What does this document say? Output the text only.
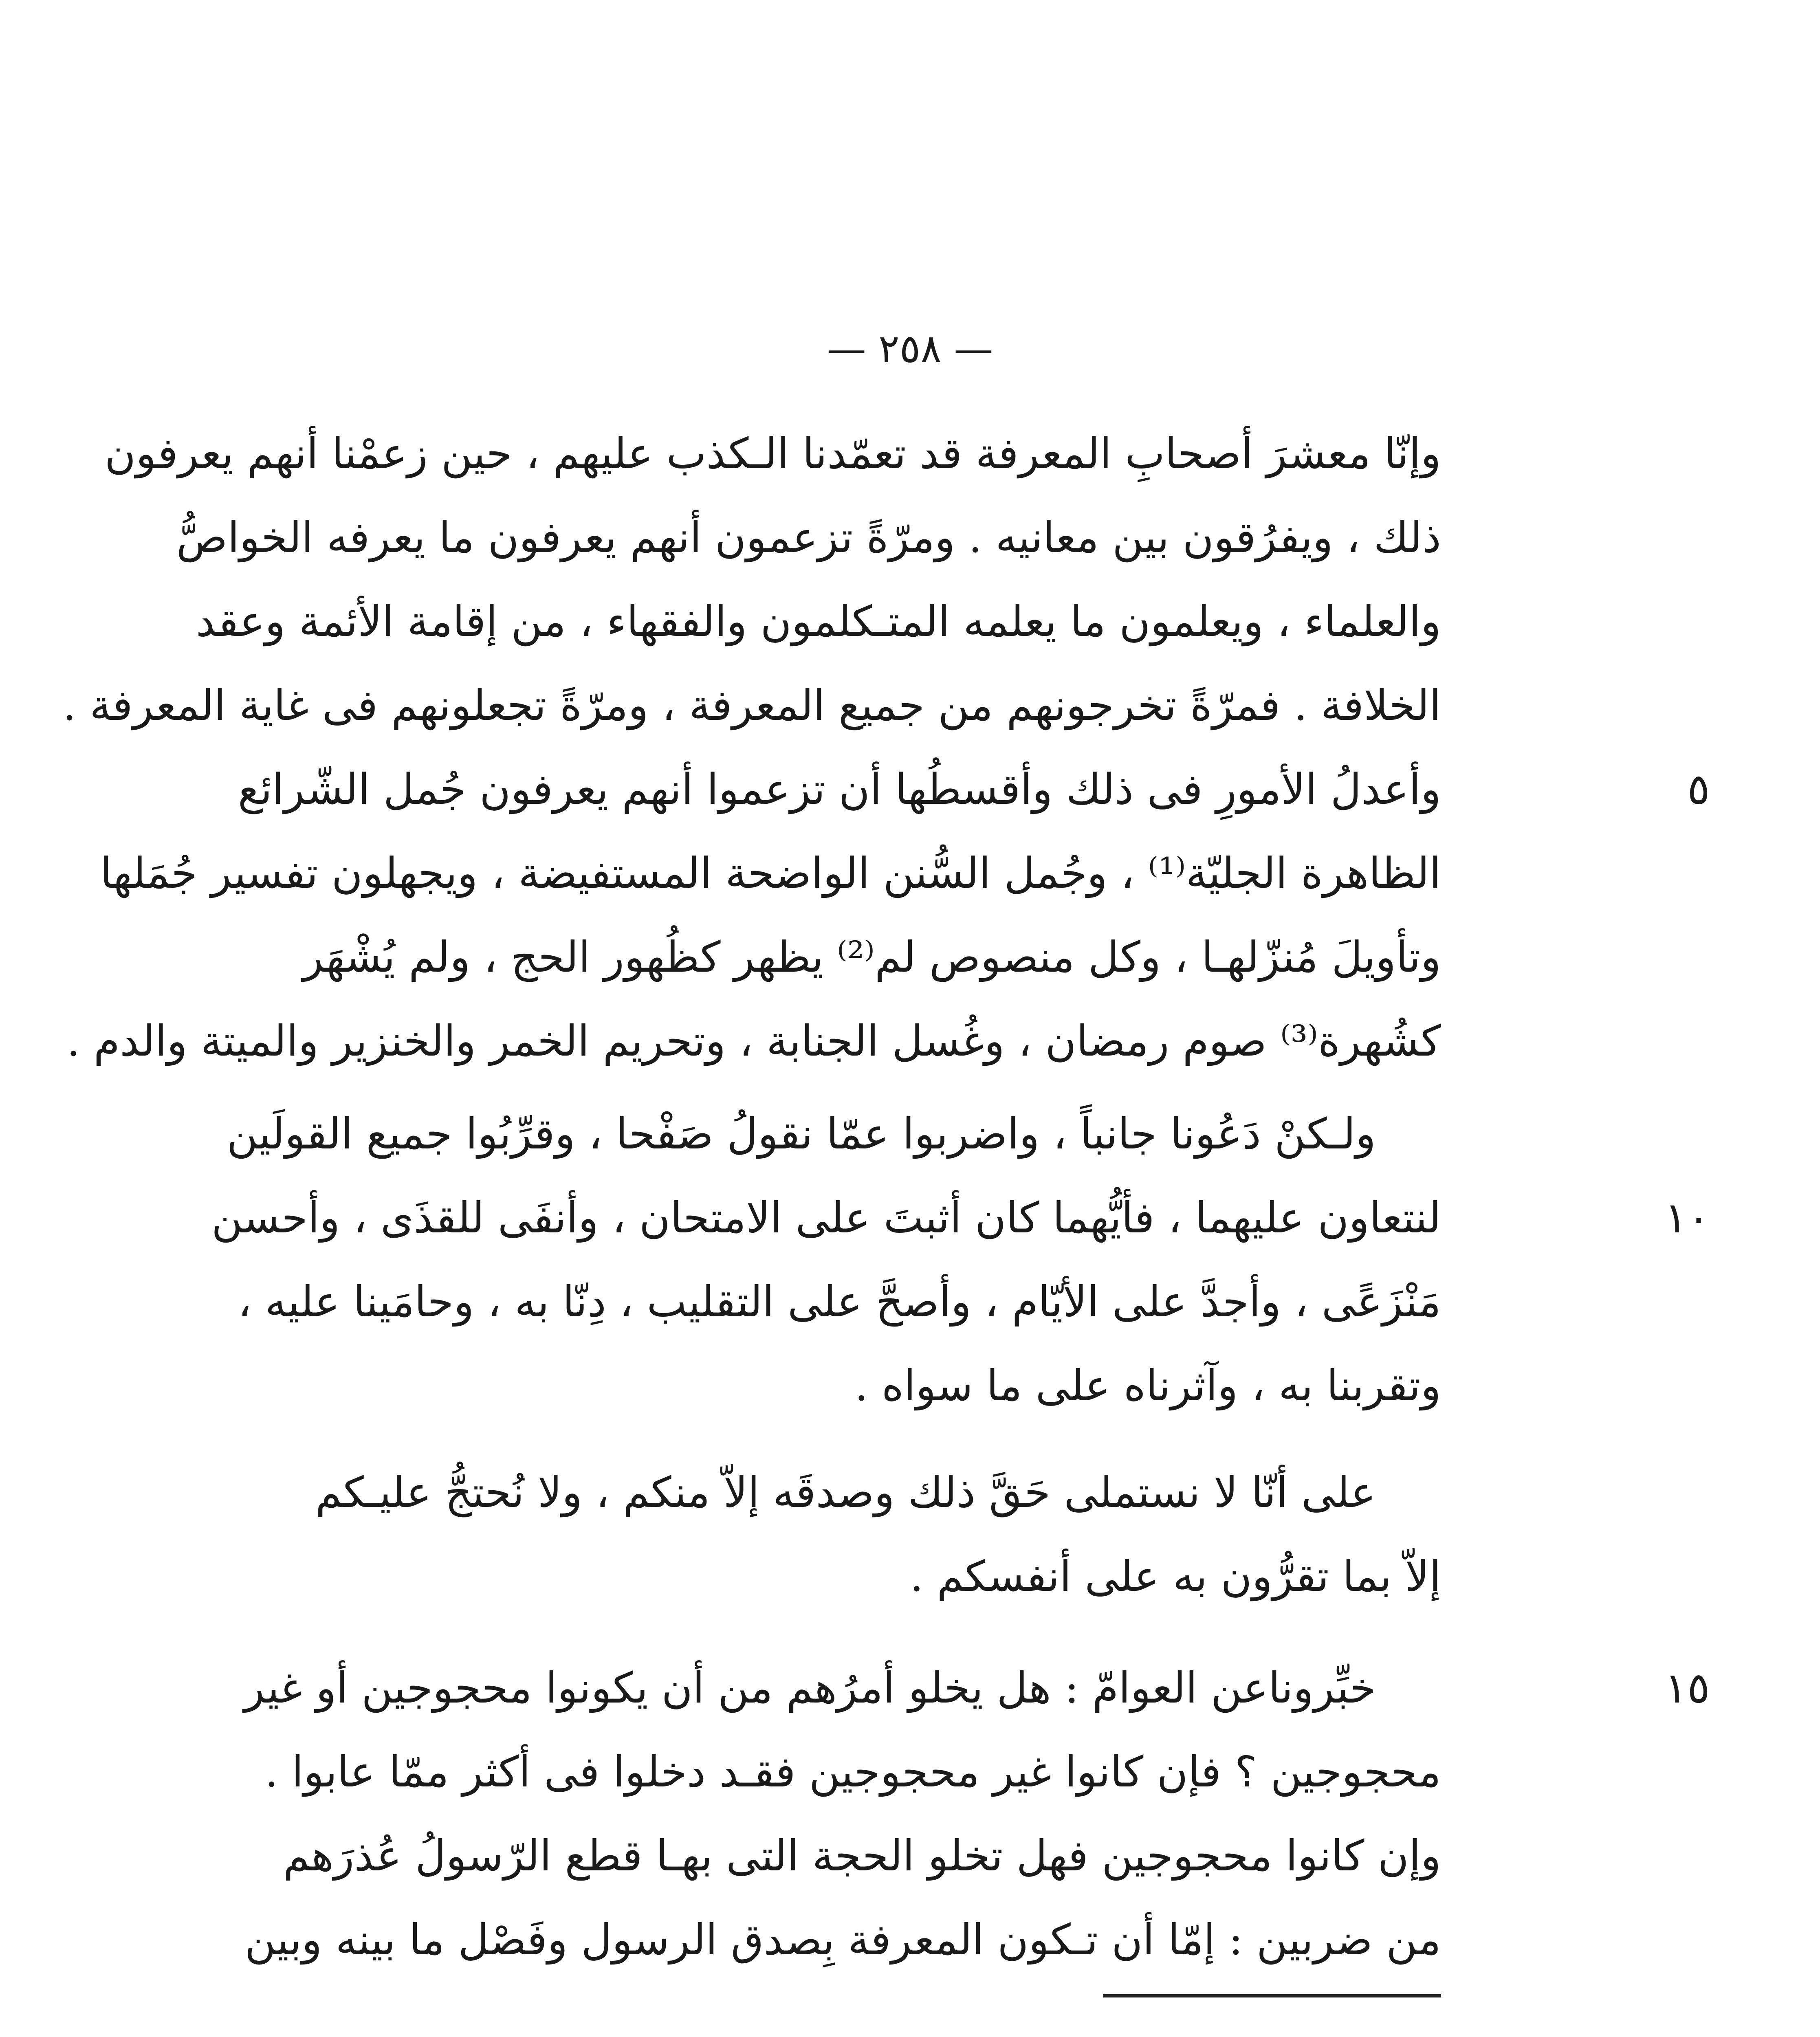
— ٢٥٨ —
وإنّا معشرَ أصحابِ المعرفة قد تعمّدنا الـكذب عليهم ، حين زعمْنا أنهم يعرفون
ذلك ، ويفرُقون بين معانيه . ومرّةً تزعمون أنهم يعرفون ما يعرفه الخواصُّ
والعلماء ، ويعلمون ما يعلمه المتـكلمون والفقهاء ، من إقامة الأئمة وعقد
الخلافة . فمرّةً تخرجونهم من جميع المعرفة ، ومرّةً تجعلونهم فى غاية المعرفة .
وأعدلُ الأمورِ فى ذلك وأقسطُها أن تزعموا أنهم يعرفون جُمل الشّرائع
الظاهرة الجليّة⁽¹⁾ ، وجُمل السُّنن الواضحة المستفيضة ، ويجهلون تفسير جُمَلها
وتأويلَ مُنزّلهـا ، وكل منصوص لم⁽²⁾ يظهر كظُهور الحج ، ولم يُشْهَر
كشُهرة⁽³⁾ صوم رمضان ، وغُسل الجنابة ، وتحريم الخمر والخنزير والميتة والدم .
ولـكنْ دَعُونا جانباً ، واضربوا عمّا نقولُ صَفْحا ، وقرِّبُوا جميع القولَين
لنتعاون عليهما ، فأيُّهما كان أثبتَ على الامتحان ، وأنفَى للقذَى ، وأحسن
مَنْزَعًى ، وأجدَّ على الأيّام ، وأصحَّ على التقليب ، دِنّا به ، وحامَينا عليه ،
وتقربنا به ، وآثرناه على ما سواه .
على أنّا لا نستملى حَقَّ ذلك وصدقَه إلاّ منكم ، ولا نُحتجُّ عليـكم
إلاّ بما تقرُّون به على أنفسكم .
خبِّروناعن العوامّ : هل يخلو أمرُهم من أن يكونوا محجوجين أو غير
محجوجين ؟ فإن كانوا غير محجوجين فقـد دخلوا فى أكثر ممّا عابوا .
وإن كانوا محجوجين فهل تخلو الحجة التى بهـا قطع الرّسولُ عُذرَهم
من ضربين : إمّا أن تـكون المعرفة بِصدق الرسول وفَصْل ما بينه وبين
٥
١٠
١٥
